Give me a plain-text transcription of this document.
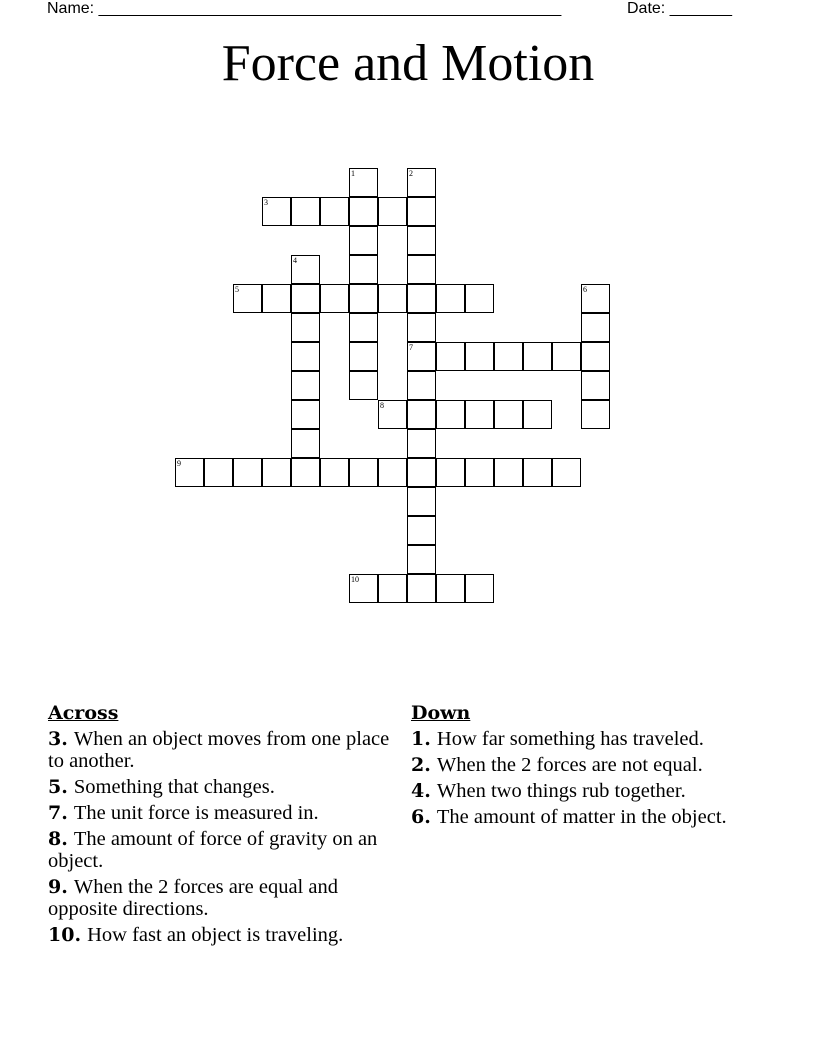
Name: ____________________________________________________	Date: _______
Force and Motion
1	2
7
3
4
5	6
8
9
10
Across
3. When an object moves from one place to another.
5. Something that changes.
7. The unit force is measured in.
8. The amount of force of gravity on an object.
9. When the 2 forces are equal and opposite directions.
10. How fast an object is traveling.
Down
1. How far something has traveled.
2. When the 2 forces are not equal.
4. When two things rub together.
6. The amount of matter in the object.
